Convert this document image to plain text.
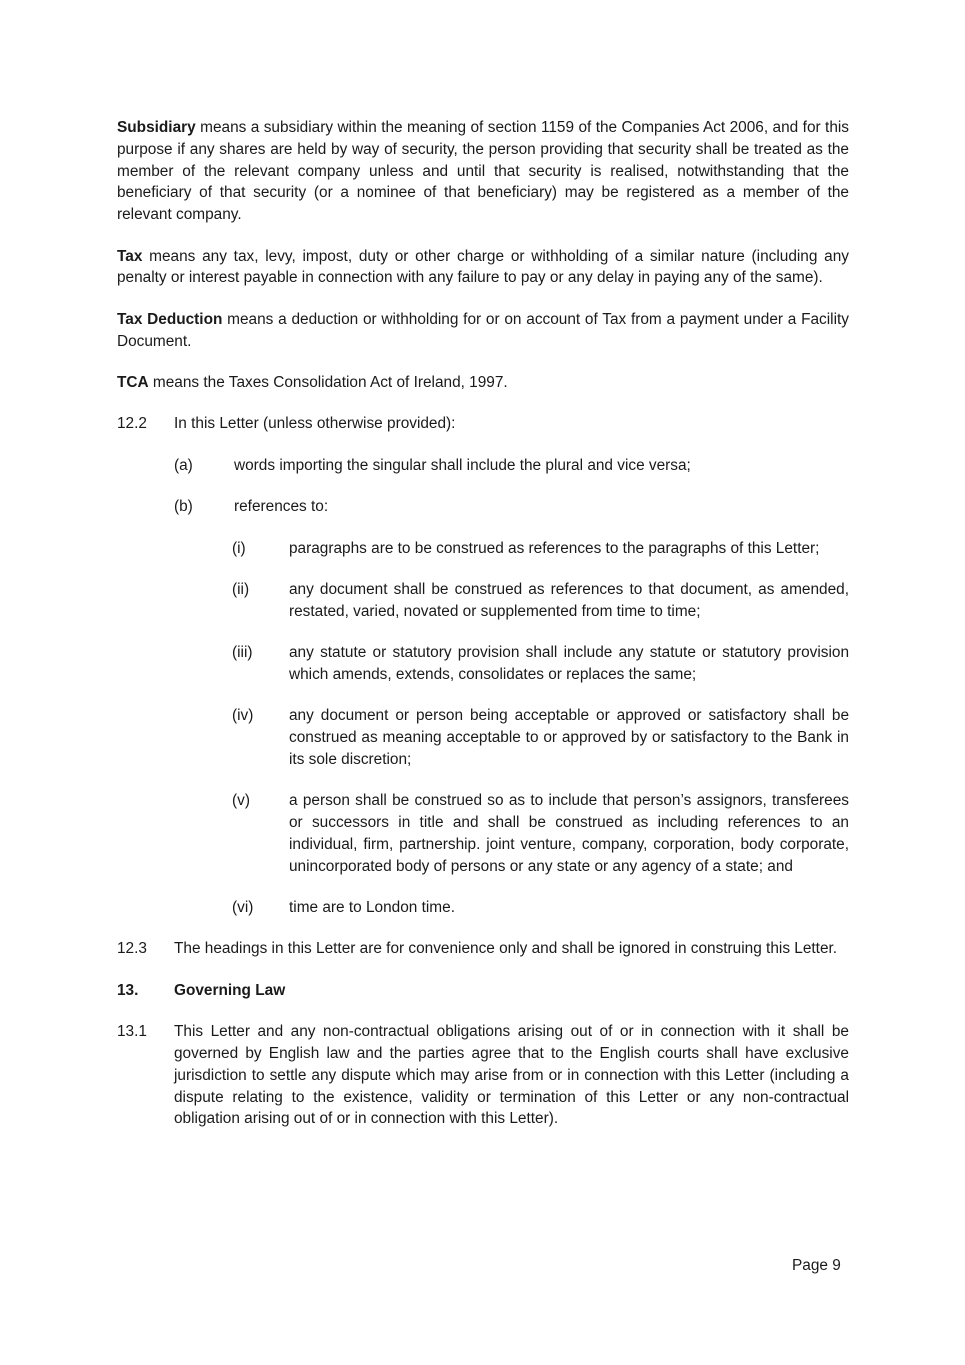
Subsidiary means a subsidiary within the meaning of section 1159 of the Companies Act 2006, and for this purpose if any shares are held by way of security, the person providing that security shall be treated as the member of the relevant company unless and until that security is realised, notwithstanding that the beneficiary of that security (or a nominee of that beneficiary) may be registered as a member of the relevant company.

Tax means any tax, levy, impost, duty or other charge or withholding of a similar nature (including any penalty or interest payable in connection with any failure to pay or any delay in paying any of the same).

Tax Deduction means a deduction or withholding for or on account of Tax from a payment under a Facility Document.

TCA means the Taxes Consolidation Act of Ireland, 1997.

12.2	In this Letter (unless otherwise provided):
(a)	words importing the singular shall include the plural and vice versa;
(b)	references to:
(i)	paragraphs are to be construed as references to the paragraphs of this Letter;
(ii)	any document shall be construed as references to that document, as amended, restated, varied, novated or supplemented from time to time;
(iii)	any statute or statutory provision shall include any statute or statutory provision which amends, extends, consolidates or replaces the same;
(iv)	any document or person being acceptable or approved or satisfactory shall be construed as meaning acceptable to or approved by or satisfactory to the Bank in its sole discretion;
(v)	a person shall be construed so as to include that person’s assignors, transferees or successors in title and shall be construed as including references to an individual, firm, partnership. joint venture, company, corporation, body corporate, unincorporated body of persons or any state or any agency of a state; and
(vi)	time are to London time.
12.3	The headings in this Letter are for convenience only and shall be ignored in construing this Letter.
13.	Governing Law
13.1	This Letter and any non-contractual obligations arising out of or in connection with it shall be governed by English law and the parties agree that to the English courts shall have exclusive jurisdiction to settle any dispute which may arise from or in connection with this Letter (including a dispute relating to the existence, validity or termination of this Letter or any non-contractual obligation arising out of or in connection with this Letter).
Page 9
